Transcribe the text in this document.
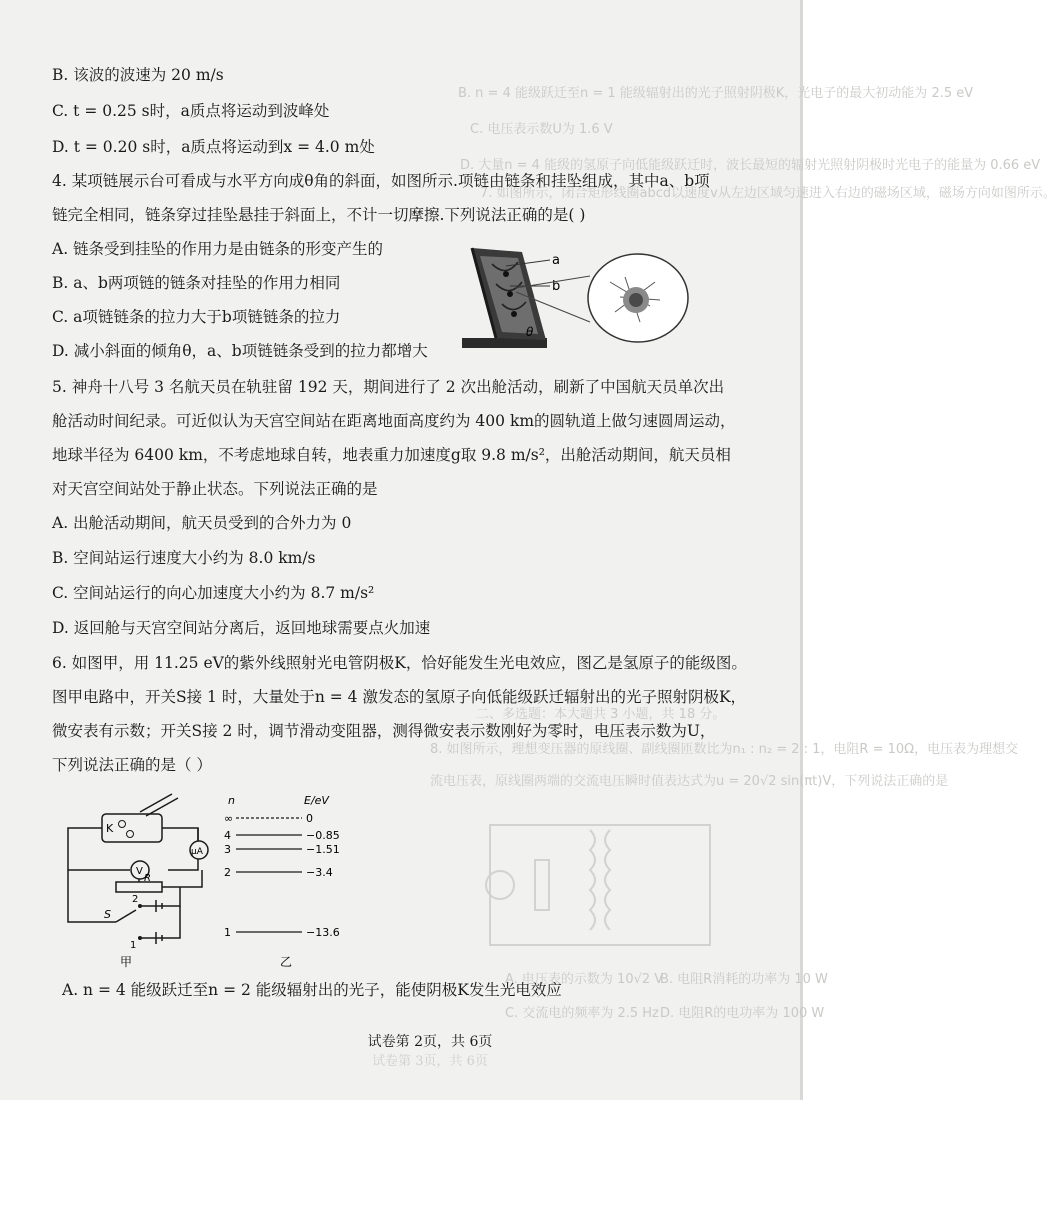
B. n = 4 能级跃迁至n = 1 能级辐射出的光子照射阴极K，光电子的最大初动能为 2.5 eV
C. 电压表示数U为 1.6 V
D. 大量n = 4 能级的氢原子向低能级跃迁时，波长最短的辐射光照射阴极时光电子的能量为 0.66 eV
7. 如图所示，闭合矩形线圈abcd以速度v从左边区域匀速进入右边的磁场区域，磁场方向如图所示。
二、多选题：本大题共 3 小题，共 18 分。
8. 如图所示，理想变压器的原线圈、副线圈匝数比为n₁ : n₂ = 2 : 1，电阻R = 10Ω，电压表为理想交
流电压表，原线圈两端的交流电压瞬时值表达式为u = 20√2 sin(πt)V，下列说法正确的是
A. 电压表的示数为 10√2 V
B. 电阻R消耗的功率为 10 W
C. 交流电的频率为 2.5 Hz D. 电阻R的电功率为 100 W
B. 该波的波速为 20 m/s
C. t = 0.25 s时，a质点将运动到波峰处
D. t = 0.20 s时，a质点将运动到x = 4.0 m处
4. 某项链展示台可看成与水平方向成θ角的斜面，如图所示.项链由链条和挂坠组成，其中a、b项
链完全相同，链条穿过挂坠悬挂于斜面上，不计一切摩擦.下列说法正确的是( )
A. 链条受到挂坠的作用力是由链条的形变产生的
B. a、b两项链的链条对挂坠的作用力相同
C. a项链链条的拉力大于b项链链条的拉力
D. 减小斜面的倾角θ，a、b项链链条受到的拉力都增大
a
b
θ
5. 神舟十八号 3 名航天员在轨驻留 192 天，期间进行了 2 次出舱活动，刷新了中国航天员单次出
舱活动时间纪录。可近似认为天宫空间站在距离地面高度约为 400 km的圆轨道上做匀速圆周运动，
地球半径为 6400 km，不考虑地球自转，地表重力加速度g取 9.8 m/s²，出舱活动期间，航天员相
对天宫空间站处于静止状态。下列说法正确的是
A. 出舱活动期间，航天员受到的合外力为 0
B. 空间站运行速度大小约为 8.0 km/s
C. 空间站运行的向心加速度大小约为 8.7 m/s²
D. 返回舱与天宫空间站分离后，返回地球需要点火加速
6. 如图甲，用 11.25 eV的紫外线照射光电管阴极K，恰好能发生光电效应，图乙是氢原子的能级图。
图甲电路中，开关S接 1 时，大量处于n = 4 激发态的氢原子向低能级跃迁辐射出的光子照射阴极K，
微安表有示数；开关S接 2 时，调节滑动变阻器，测得微安表示数刚好为零时，电压表示数为U，
下列说法正确的是（ ）
K
V
μA
R
S
2
1
甲
n	E/eV
∞	0
4	−0.85
3	−1.51
2	−3.4
1	−13.6
乙
A. n = 4 能级跃迁至n = 2 能级辐射出的光子，能使阴极K发生光电效应
试卷第 2页，共 6页
试卷第 3页，共 6页
